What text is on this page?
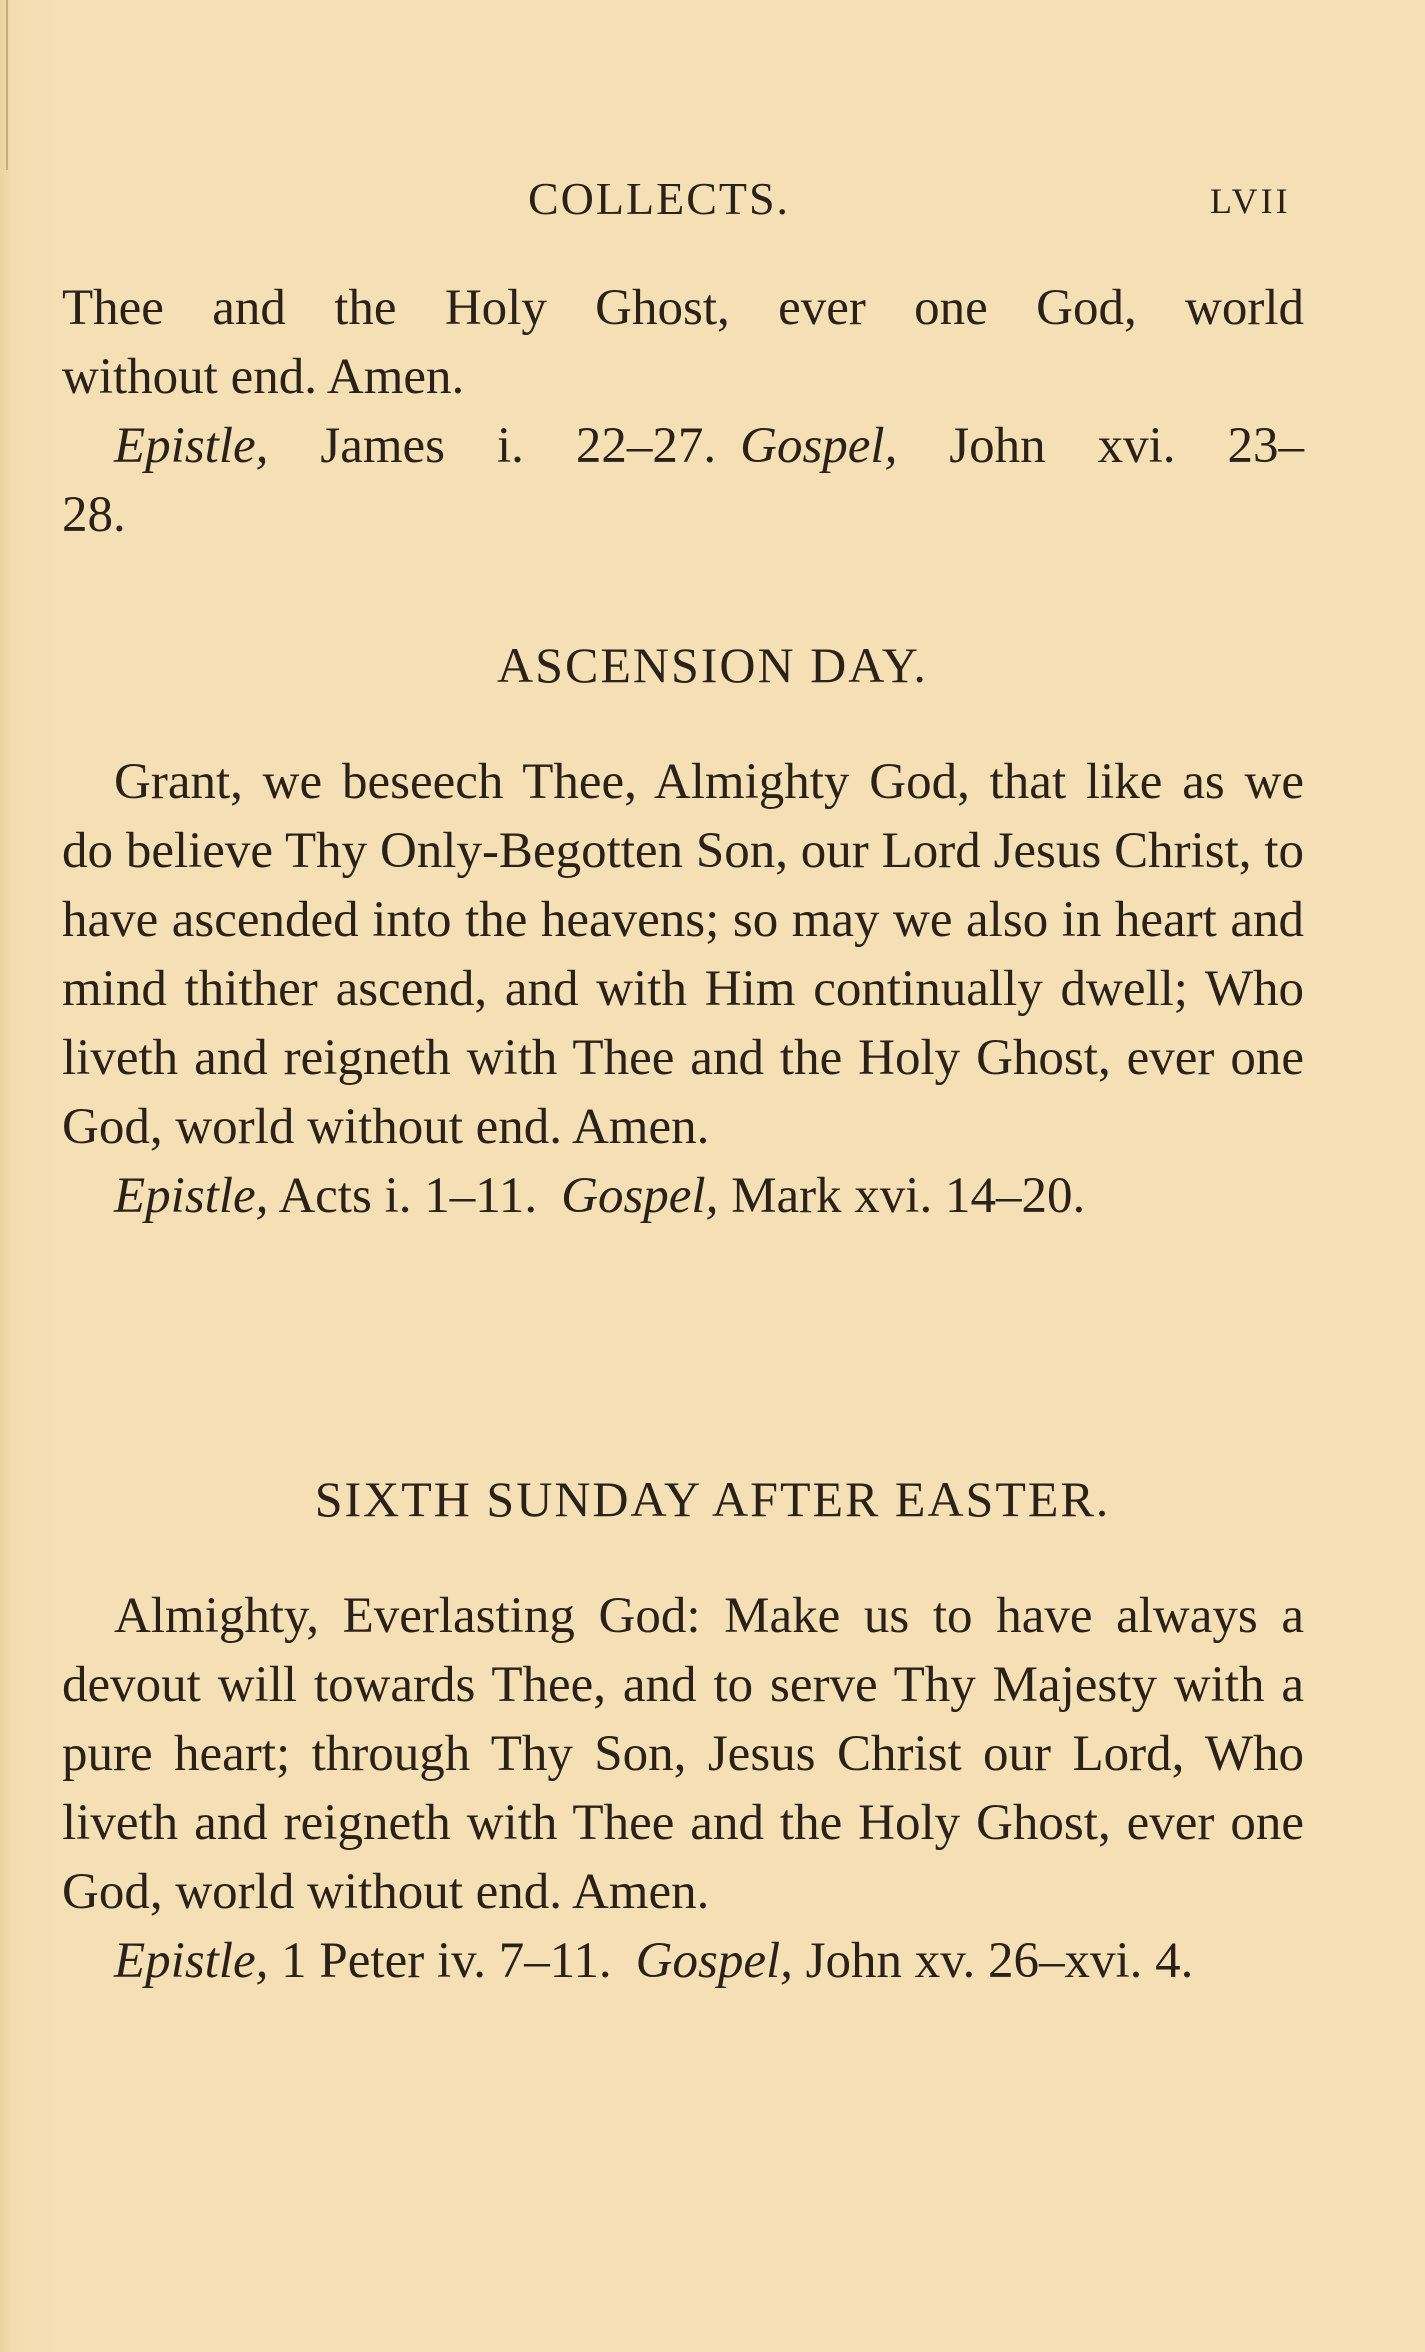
COLLECTS.	LVII

Thee and the Holy Ghost, ever one God, world

without end. Amen.

Epistle, James i. 22–27. Gospel, John xvi. 23–

28.

ASCENSION DAY.

Grant, we beseech Thee, Almighty God, that like as we do believe Thy Only-Begotten Son, our Lord Jesus Christ, to have ascended into the heavens; so may we also in heart and mind thither ascend, and with Him continually dwell; Who liveth and reigneth with Thee and the Holy Ghost, ever one God, world without end. Amen.

Epistle, Acts i. 1–11. Gospel, Mark xvi. 14–20.

SIXTH SUNDAY AFTER EASTER.

Almighty, Everlasting God: Make us to have always a devout will towards Thee, and to serve Thy Majesty with a pure heart; through Thy Son, Jesus Christ our Lord, Who liveth and reigneth with Thee and the Holy Ghost, ever one God, world without end. Amen.

Epistle, 1 Peter iv. 7–11. Gospel, John xv. 26–xvi. 4.
